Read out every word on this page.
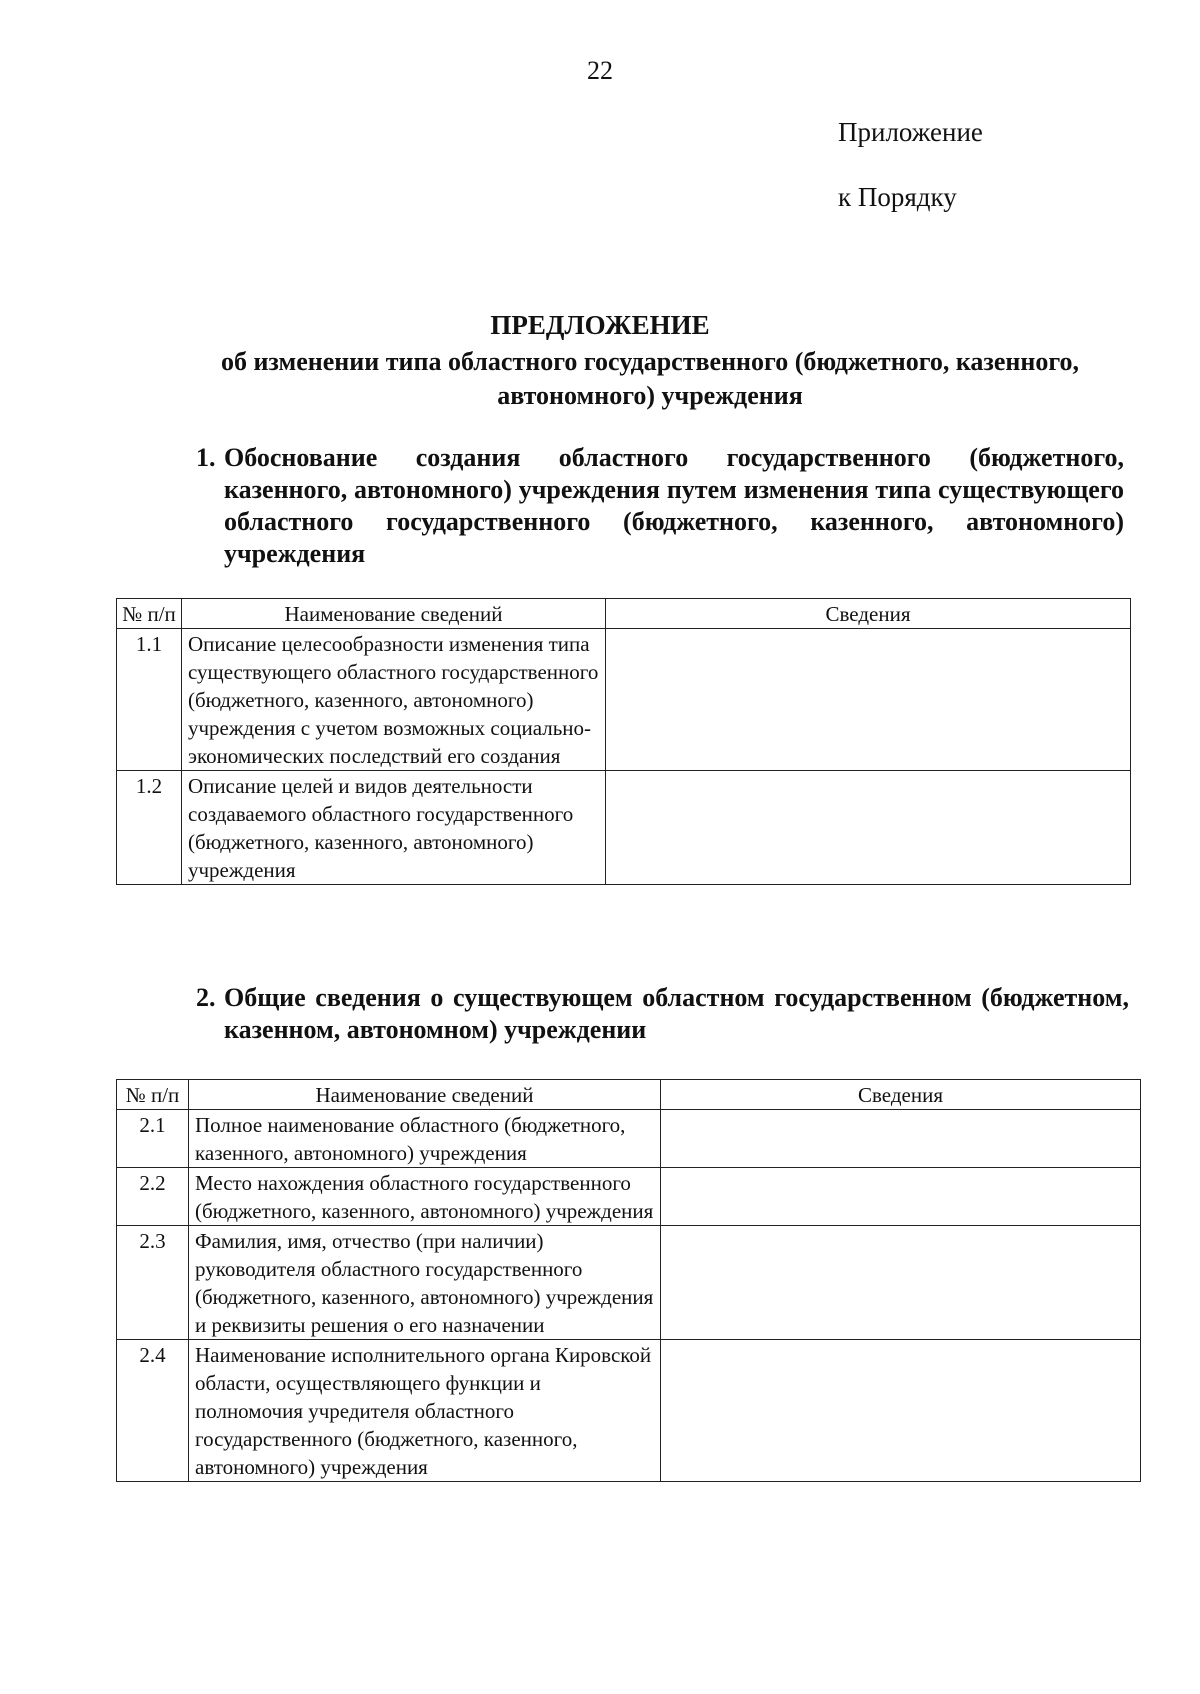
22
Приложение
к Порядку
ПРЕДЛОЖЕНИЕ
об изменении типа областного государственного (бюджетного, казенного, автономного) учреждения
1. Обоснование создания областного государственного (бюджетного, казенного, автономного) учреждения путем изменения типа существующего областного государственного (бюджетного, казенного, автономного) учреждения
№ п/п	Наименование сведений	Сведения
1.1	Описание целесообразности изменения типа существующего областного государственного (бюджетного, казенного, автономного) учреждения с учетом возможных социально-экономических последствий его создания	
1.2	Описание целей и видов деятельности создаваемого областного государственного (бюджетного, казенного, автономного) учреждения	
2. Общие сведения о существующем областном государственном (бюджетном, казенном, автономном) учреждении
№ п/п	Наименование сведений	Сведения
2.1	Полное наименование областного (бюджетного, казенного, автономного) учреждения	
2.2	Место нахождения областного государственного (бюджетного, казенного, автономного) учреждения	
2.3	Фамилия, имя, отчество (при наличии) руководителя областного государственного (бюджетного, казенного, автономного) учреждения и реквизиты решения о его назначении	
2.4	Наименование исполнительного органа Кировской области, осуществляющего функции и полномочия учредителя областного государственного (бюджетного, казенного, автономного) учреждения	
